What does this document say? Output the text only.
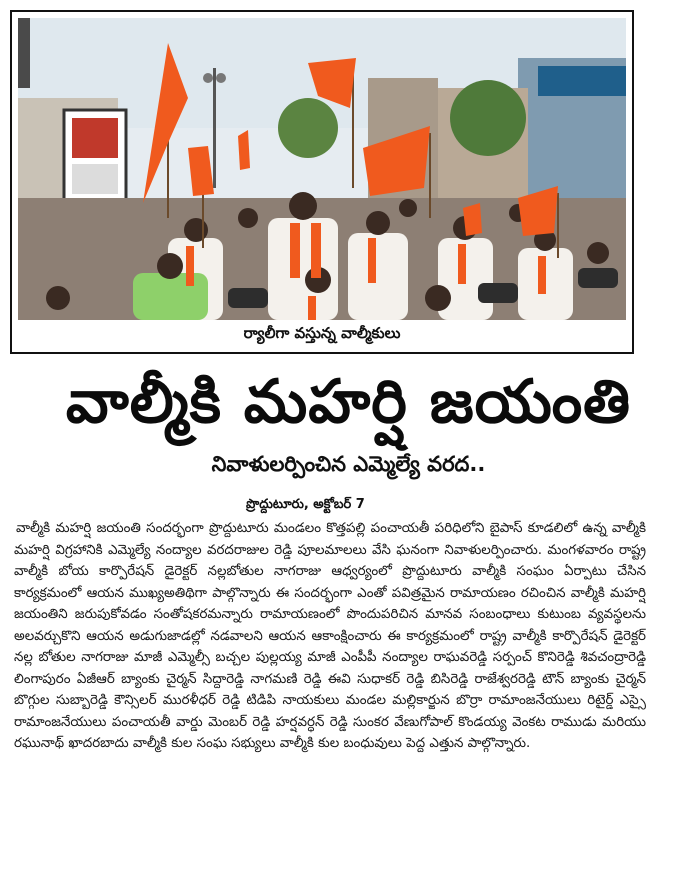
ర్యాలీగా వస్తున్న వాల్మీకులు
వాల్మీకి మహర్షి జయంతి
నివాళులర్పించిన ఎమ్మెల్యే వరద..
ప్రొద్దుటూరు, అక్టోబర్ 7

వాల్మీకి మహర్షి జయంతి సందర్భంగా ప్రొద్దుటూరు మండలం కొత్తపల్లి పంచాయతీ పరిధిలోని బైపాస్ కూడలిలో ఉన్న వాల్మీకి మహర్షి విగ్రహానికి ఎమ్మెల్యే నంద్యాల వరదరాజుల రెడ్డి పూలమాలలు వేసి ఘనంగా నివాళులర్పించారు. మంగళవారం రాష్ట్ర వాల్మీకి బోయ కార్పొరేషన్ డైరెక్టర్ నల్లబోతుల నాగరాజు ఆధ్వర్యంలో ప్రొద్దుటూరు వాల్మీకి సంఘం ఏర్పాటు చేసిన కార్యక్రమంలో ఆయన ముఖ్యఅతిథిగా పాల్గొన్నారు ఈ సందర్భంగా ఎంతో పవిత్రమైన రామాయణం రచించిన వాల్మీకి మహర్షి జయంతిని జరుపుకోవడం సంతోషకరమన్నారు రామాయణంలో పొందుపరిచిన మానవ సంబంధాలు కుటుంబ వ్యవస్థలను అలవర్చుకొని ఆయన అడుగుజాడల్లో నడవాలని ఆయన ఆకాంక్షించారు ఈ కార్యక్రమంలో రాష్ట్ర వాల్మీకి కార్పొరేషన్ డైరెక్టర్ నల్ల బోతుల నాగరాజు మాజీ ఎమ్మెల్సీ బచ్చల పుల్లయ్య మాజీ ఎంపీపీ నంద్యాల రాఘవరెడ్డి సర్పంచ్ కొనిరెడ్డి శివచంద్రారెడ్డి లింగాపురం ఏజీఆర్ బ్యాంకు చైర్మన్ సిద్దారెడ్డి నాగమణి రెడ్డి ఈవి సుధాకర్ రెడ్డి బిసిరెడ్డి రాజేశ్వరరెడ్డి టౌన్ బ్యాంకు చైర్మన్ బొగ్గుల సుబ్బారెడ్డి కౌన్సిలర్ మురళీధర్ రెడ్డి టిడిపి నాయకులు మండల మల్లికార్జున బొర్రా రామాంజనేయులు రిటైర్డ్ ఎస్సై రామాంజనేయులు పంచాయతీ వార్డు మెంబర్ రెడ్డి హర్షవర్ధన్ రెడ్డి సుంకర వేణుగోపాల్ కొండయ్య వెంకట రాముడు మరియు రఘునాథ్ ఖాదరబాదు వాల్మీకి కుల సంఘ సభ్యులు వాల్మీకి కుల బంధువులు పెద్ద ఎత్తున పాల్గొన్నారు.
